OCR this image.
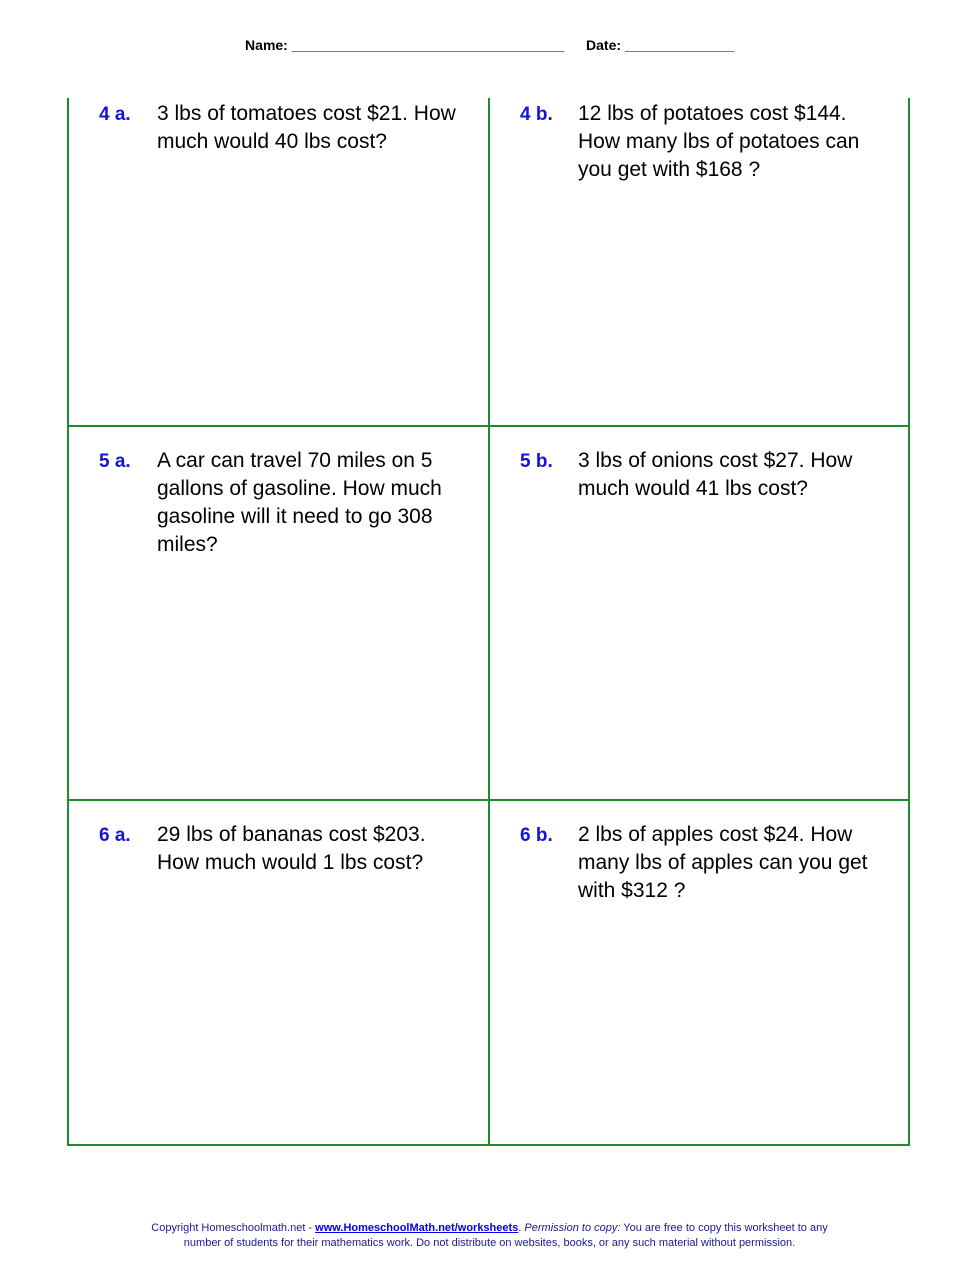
Name: ___________________________________ Date: ______________
4 a. 3 lbs of tomatoes cost $21. How much would 40 lbs cost?
4 b. 12 lbs of potatoes cost $144. How many lbs of potatoes can you get with $168 ?
5 a. A car can travel 70 miles on 5 gallons of gasoline. How much gasoline will it need to go 308 miles?
5 b. 3 lbs of onions cost $27. How much would 41 lbs cost?
6 a. 29 lbs of bananas cost $203. How much would 1 lbs cost?
6 b. 2 lbs of apples cost $24. How many lbs of apples can you get with $312 ?
Copyright Homeschoolmath.net - www.HomeschoolMath.net/worksheets. Permission to copy: You are free to copy this worksheet to any
number of students for their mathematics work. Do not distribute on websites, books, or any such material without permission.
